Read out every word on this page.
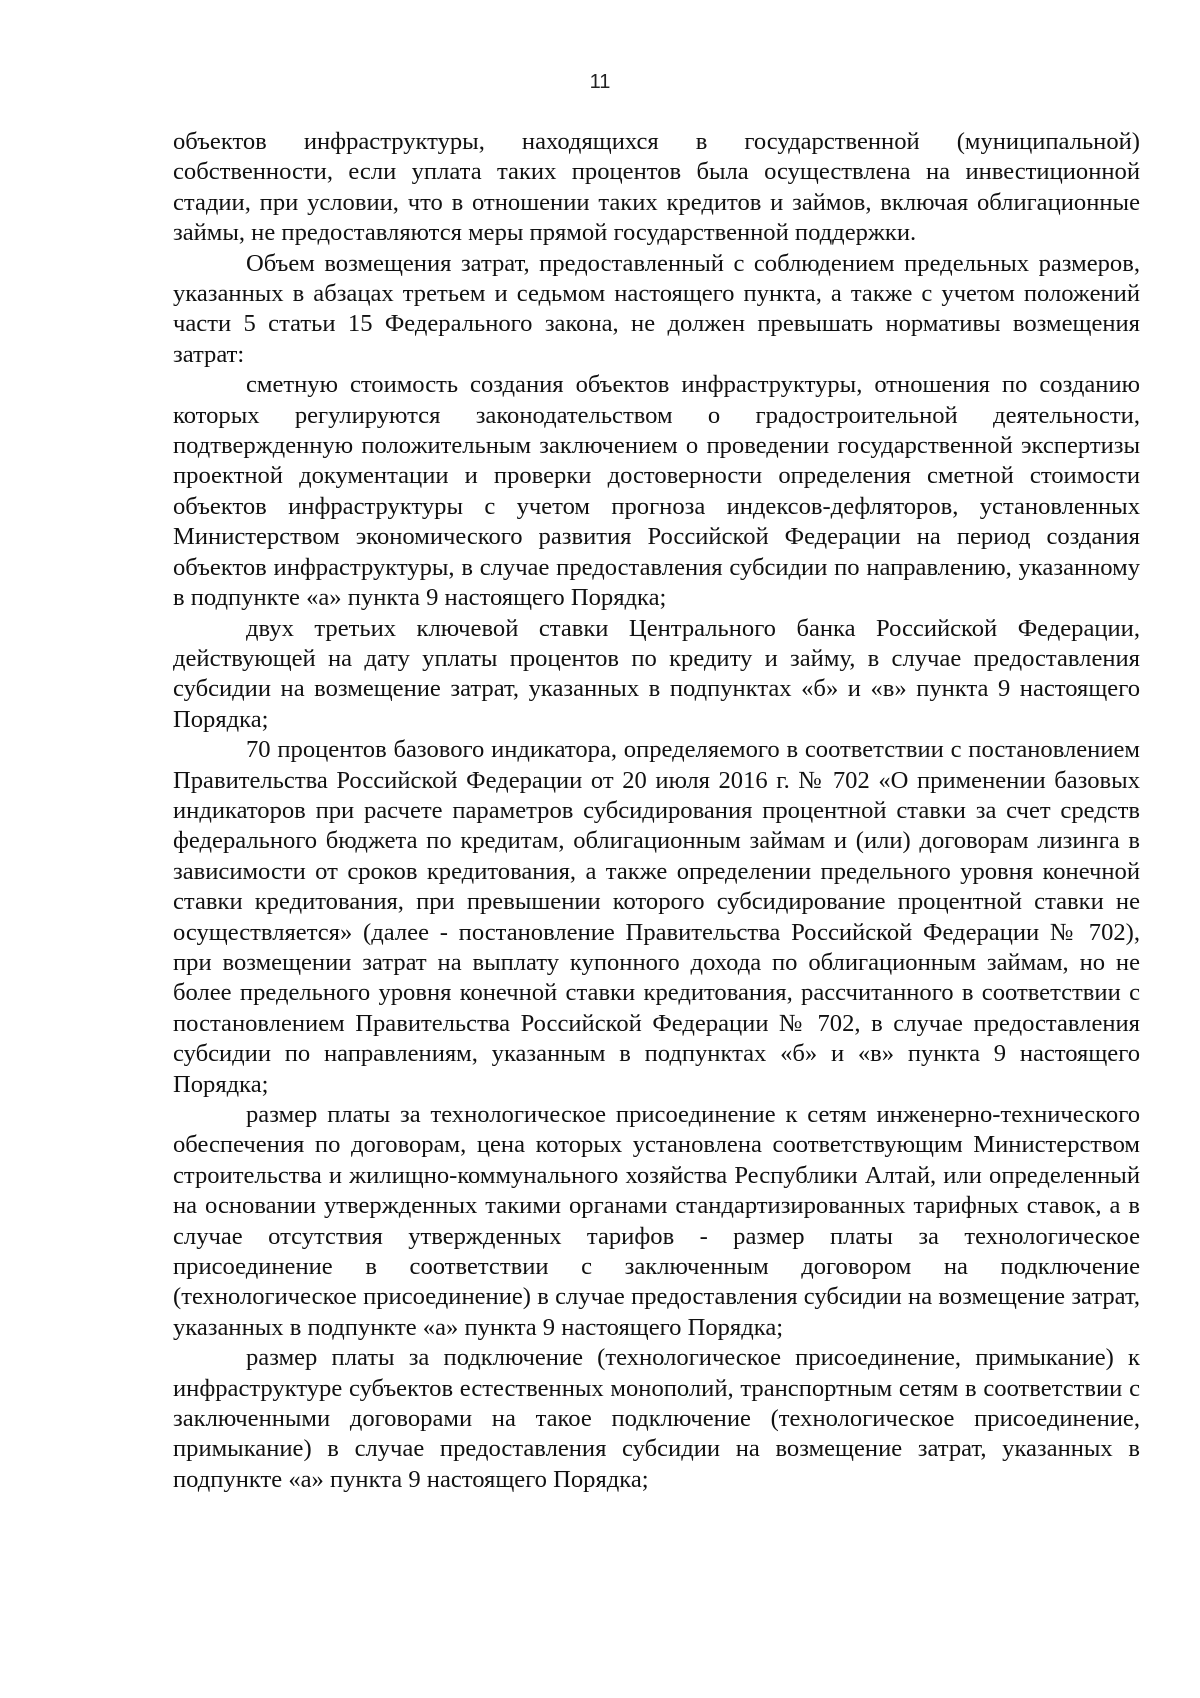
11

объектов инфраструктуры, находящихся в государственной (муниципальной) собственности, если уплата таких процентов была осуществлена на инвестиционной стадии, при условии, что в отношении таких кредитов и займов, включая облигационные займы, не предоставляются меры прямой государственной поддержки.

Объем возмещения затрат, предоставленный с соблюдением предельных размеров, указанных в абзацах третьем и седьмом настоящего пункта, а также с учетом положений части 5 статьи 15 Федерального закона, не должен превышать нормативы возмещения затрат:

сметную стоимость создания объектов инфраструктуры, отношения по созданию которых регулируются законодательством о градостроительной деятельности, подтвержденную положительным заключением о проведении государственной экспертизы проектной документации и проверки достоверности определения сметной стоимости объектов инфраструктуры с учетом прогноза индексов-дефляторов, установленных Министерством экономического развития Российской Федерации на период создания объектов инфраструктуры, в случае предоставления субсидии по направлению, указанному в подпункте «а» пункта 9 настоящего Порядка;

двух третьих ключевой ставки Центрального банка Российской Федерации, действующей на дату уплаты процентов по кредиту и займу, в случае предоставления субсидии на возмещение затрат, указанных в подпунктах «б» и «в» пункта 9 настоящего Порядка;

70 процентов базового индикатора, определяемого в соответствии с постановлением Правительства Российской Федерации от 20 июля 2016 г. № 702 «О применении базовых индикаторов при расчете параметров субсидирования процентной ставки за счет средств федерального бюджета по кредитам, облигационным займам и (или) договорам лизинга в зависимости от сроков кредитования, а также определении предельного уровня конечной ставки кредитования, при превышении которого субсидирование процентной ставки не осуществляется» (далее - постановление Правительства Российской Федерации № 702), при возмещении затрат на выплату купонного дохода по облигационным займам, но не более предельного уровня конечной ставки кредитования, рассчитанного в соответствии с постановлением Правительства Российской Федерации № 702, в случае предоставления субсидии по направлениям, указанным в подпунктах «б» и «в» пункта 9 настоящего Порядка;

размер платы за технологическое присоединение к сетям инженерно-технического обеспечения по договорам, цена которых установлена соответствующим Министерством строительства и жилищно-коммунального хозяйства Республики Алтай, или определенный на основании утвержденных такими органами стандартизированных тарифных ставок, а в случае отсутствия утвержденных тарифов - размер платы за технологическое присоединение в соответствии с заключенным договором на подключение (технологическое присоединение) в случае предоставления субсидии на возмещение затрат, указанных в подпункте «а» пункта 9 настоящего Порядка;

размер платы за подключение (технологическое присоединение, примыкание) к инфраструктуре субъектов естественных монополий, транспортным сетям в соответствии с заключенными договорами на такое подключение (технологическое присоединение, примыкание) в случае предоставления субсидии на возмещение затрат, указанных в подпункте «а» пункта 9 настоящего Порядка;
